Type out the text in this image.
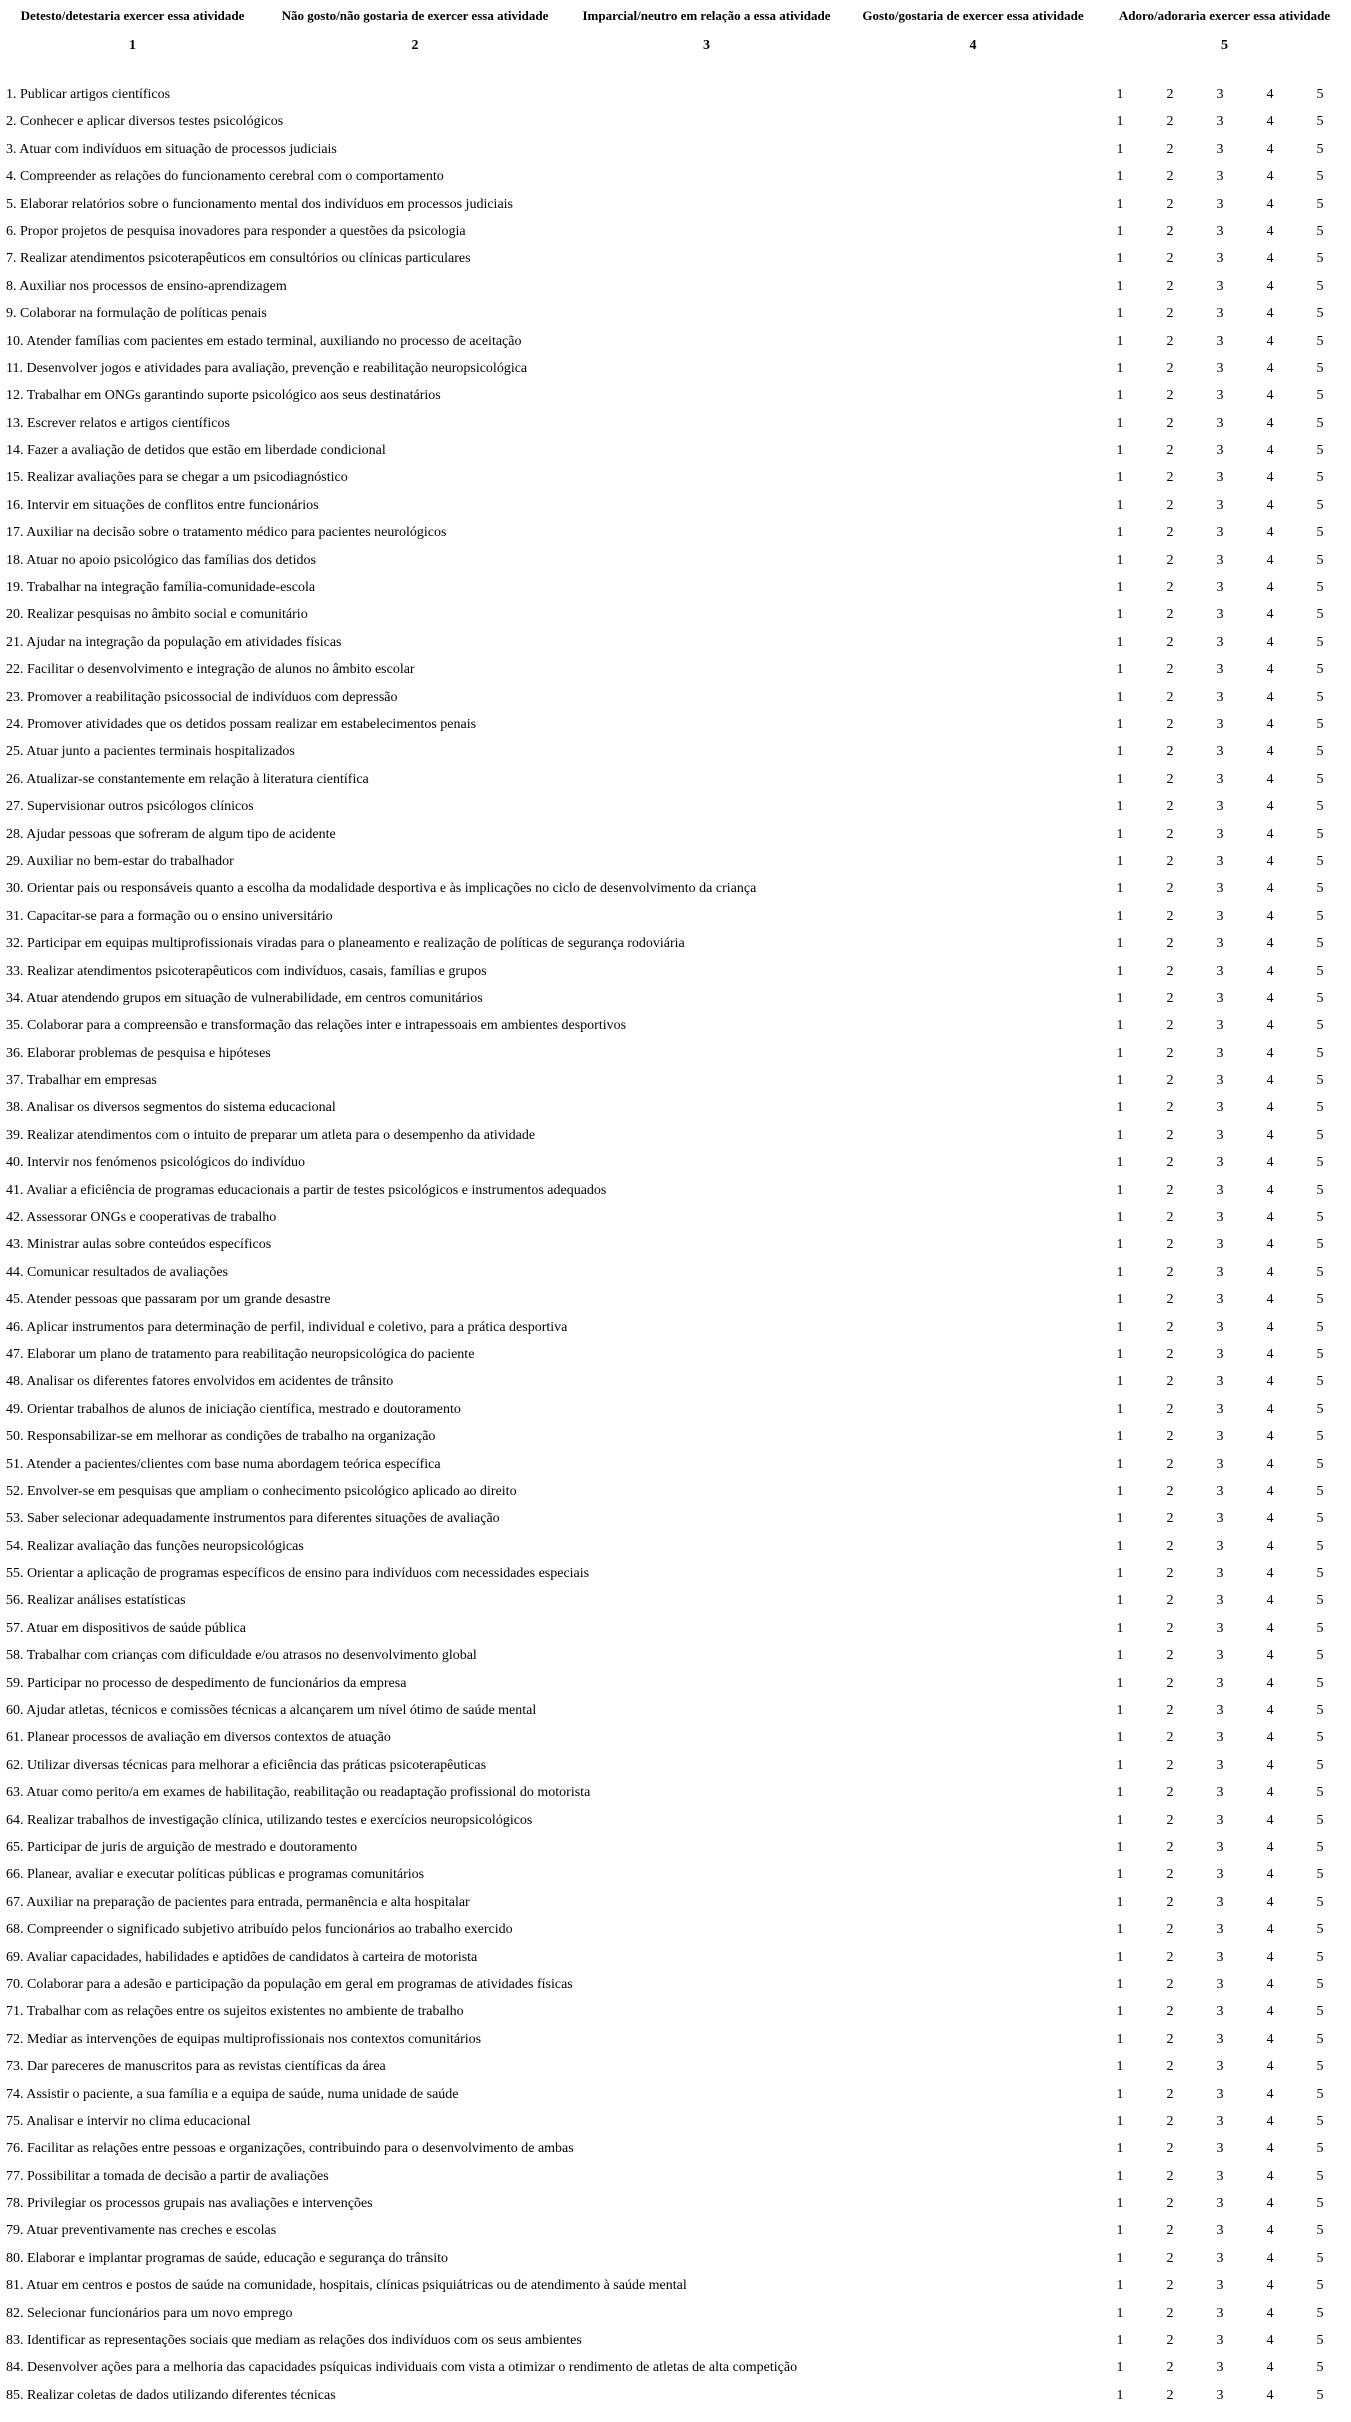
Detesto/detestaria exercer essa atividade
1
Não gosto/não gostaria de exercer essa atividade
2
Imparcial/neutro em relação a essa atividade
3
Gosto/gostaria de exercer essa atividade
4
Adoro/adoraria exercer essa atividade
5
1. Publicar artigos científicos	1	2	3	4	5
2. Conhecer e aplicar diversos testes psicológicos	1	2	3	4	5
3. Atuar com indivíduos em situação de processos judiciais	1	2	3	4	5
4. Compreender as relações do funcionamento cerebral com o comportamento	1	2	3	4	5
5. Elaborar relatórios sobre o funcionamento mental dos indivíduos em processos judiciais	1	2	3	4	5
6. Propor projetos de pesquisa inovadores para responder a questões da psicologia	1	2	3	4	5
7. Realizar atendimentos psicoterapêuticos em consultórios ou clínicas particulares	1	2	3	4	5
8. Auxiliar nos processos de ensino-aprendizagem	1	2	3	4	5
9. Colaborar na formulação de políticas penais	1	2	3	4	5
10. Atender famílias com pacientes em estado terminal, auxiliando no processo de aceitação	1	2	3	4	5
11. Desenvolver jogos e atividades para avaliação, prevenção e reabilitação neuropsicológica	1	2	3	4	5
12. Trabalhar em ONGs garantindo suporte psicológico aos seus destinatários	1	2	3	4	5
13. Escrever relatos e artigos científicos	1	2	3	4	5
14. Fazer a avaliação de detidos que estão em liberdade condicional	1	2	3	4	5
15. Realizar avaliações para se chegar a um psicodiagnóstico	1	2	3	4	5
16. Intervir em situações de conflitos entre funcionários	1	2	3	4	5
17. Auxiliar na decisão sobre o tratamento médico para pacientes neurológicos	1	2	3	4	5
18. Atuar no apoio psicológico das famílias dos detidos	1	2	3	4	5
19. Trabalhar na integração família-comunidade-escola	1	2	3	4	5
20. Realizar pesquisas no âmbito social e comunitário	1	2	3	4	5
21. Ajudar na integração da população em atividades físicas	1	2	3	4	5
22. Facilitar o desenvolvimento e integração de alunos no âmbito escolar	1	2	3	4	5
23. Promover a reabilitação psicossocial de indivíduos com depressão	1	2	3	4	5
24. Promover atividades que os detidos possam realizar em estabelecimentos penais	1	2	3	4	5
25. Atuar junto a pacientes terminais hospitalizados	1	2	3	4	5
26. Atualizar-se constantemente em relação à literatura científica	1	2	3	4	5
27. Supervisionar outros psicólogos clínicos	1	2	3	4	5
28. Ajudar pessoas que sofreram de algum tipo de acidente	1	2	3	4	5
29. Auxiliar no bem-estar do trabalhador	1	2	3	4	5
30. Orientar pais ou responsáveis quanto a escolha da modalidade desportiva e às implicações no ciclo de desenvolvimento da criança	1	2	3	4	5
31. Capacitar-se para a formação ou o ensino universitário	1	2	3	4	5
32. Participar em equipas multiprofissionais viradas para o planeamento e realização de políticas de segurança rodoviária	1	2	3	4	5
33. Realizar atendimentos psicoterapêuticos com indivíduos, casais, famílias e grupos	1	2	3	4	5
34. Atuar atendendo grupos em situação de vulnerabilidade, em centros comunitários	1	2	3	4	5
35. Colaborar para a compreensão e transformação das relações inter e intrapessoais em ambientes desportivos	1	2	3	4	5
36. Elaborar problemas de pesquisa e hipóteses	1	2	3	4	5
37. Trabalhar em empresas	1	2	3	4	5
38. Analisar os diversos segmentos do sistema educacional	1	2	3	4	5
39. Realizar atendimentos com o intuito de preparar um atleta para o desempenho da atividade	1	2	3	4	5
40. Intervir nos fenómenos psicológicos do indivíduo	1	2	3	4	5
41. Avaliar a eficiência de programas educacionais a partir de testes psicológicos e instrumentos adequados	1	2	3	4	5
42. Assessorar ONGs e cooperativas de trabalho	1	2	3	4	5
43. Ministrar aulas sobre conteúdos específicos	1	2	3	4	5
44. Comunicar resultados de avaliações	1	2	3	4	5
45. Atender pessoas que passaram por um grande desastre	1	2	3	4	5
46. Aplicar instrumentos para determinação de perfil, individual e coletivo, para a prática desportiva	1	2	3	4	5
47. Elaborar um plano de tratamento para reabilitação neuropsicológica do paciente	1	2	3	4	5
48. Analisar os diferentes fatores envolvidos em acidentes de trânsito	1	2	3	4	5
49. Orientar trabalhos de alunos de iniciação científica, mestrado e doutoramento	1	2	3	4	5
50. Responsabilizar-se em melhorar as condições de trabalho na organização	1	2	3	4	5
51. Atender a pacientes/clientes com base numa abordagem teórica específica	1	2	3	4	5
52. Envolver-se em pesquisas que ampliam o conhecimento psicológico aplicado ao direito	1	2	3	4	5
53. Saber selecionar adequadamente instrumentos para diferentes situações de avaliação	1	2	3	4	5
54. Realizar avaliação das funções neuropsicológicas	1	2	3	4	5
55. Orientar a aplicação de programas específicos de ensino para indivíduos com necessidades especiais	1	2	3	4	5
56. Realizar análises estatísticas	1	2	3	4	5
57. Atuar em dispositivos de saúde pública	1	2	3	4	5
58. Trabalhar com crianças com dificuldade e/ou atrasos no desenvolvimento global	1	2	3	4	5
59. Participar no processo de despedimento de funcionários da empresa	1	2	3	4	5
60. Ajudar atletas, técnicos e comissões técnicas a alcançarem um nível ótimo de saúde mental	1	2	3	4	5
61. Planear processos de avaliação em diversos contextos de atuação	1	2	3	4	5
62. Utilizar diversas técnicas para melhorar a eficiência das práticas psicoterapêuticas	1	2	3	4	5
63. Atuar como perito/a em exames de habilitação, reabilitação ou readaptação profissional do motorista	1	2	3	4	5
64. Realizar trabalhos de investigação clínica, utilizando testes e exercícios neuropsicológicos	1	2	3	4	5
65. Participar de juris de arguição de mestrado e doutoramento	1	2	3	4	5
66. Planear, avaliar e executar políticas públicas e programas comunitários	1	2	3	4	5
67. Auxiliar na preparação de pacientes para entrada, permanência e alta hospitalar	1	2	3	4	5
68. Compreender o significado subjetivo atribuído pelos funcionários ao trabalho exercido	1	2	3	4	5
69. Avaliar capacidades, habilidades e aptidões de candidatos à carteira de motorista	1	2	3	4	5
70. Colaborar para a adesão e participação da população em geral em programas de atividades físicas	1	2	3	4	5
71. Trabalhar com as relações entre os sujeitos existentes no ambiente de trabalho	1	2	3	4	5
72. Mediar as intervenções de equipas multiprofissionais nos contextos comunitários	1	2	3	4	5
73. Dar pareceres de manuscritos para as revistas científicas da área	1	2	3	4	5
74. Assistir o paciente, a sua família e a equipa de saúde, numa unidade de saúde	1	2	3	4	5
75. Analisar e intervir no clima educacional	1	2	3	4	5
76. Facilitar as relações entre pessoas e organizações, contribuindo para o desenvolvimento de ambas	1	2	3	4	5
77. Possibilitar a tomada de decisão a partir de avaliações	1	2	3	4	5
78. Privilegiar os processos grupais nas avaliações e intervenções	1	2	3	4	5
79. Atuar preventivamente nas creches e escolas	1	2	3	4	5
80. Elaborar e implantar programas de saúde, educação e segurança do trânsito	1	2	3	4	5
81. Atuar em centros e postos de saúde na comunidade, hospitais, clínicas psiquiátricas ou de atendimento à saúde mental	1	2	3	4	5
82. Selecionar funcionários para um novo emprego	1	2	3	4	5
83. Identificar as representações sociais que mediam as relações dos indivíduos com os seus ambientes	1	2	3	4	5
84. Desenvolver ações para a melhoria das capacidades psíquicas individuais com vista a otimizar o rendimento de atletas de alta competição	1	2	3	4	5
85. Realizar coletas de dados utilizando diferentes técnicas	1	2	3	4	5
